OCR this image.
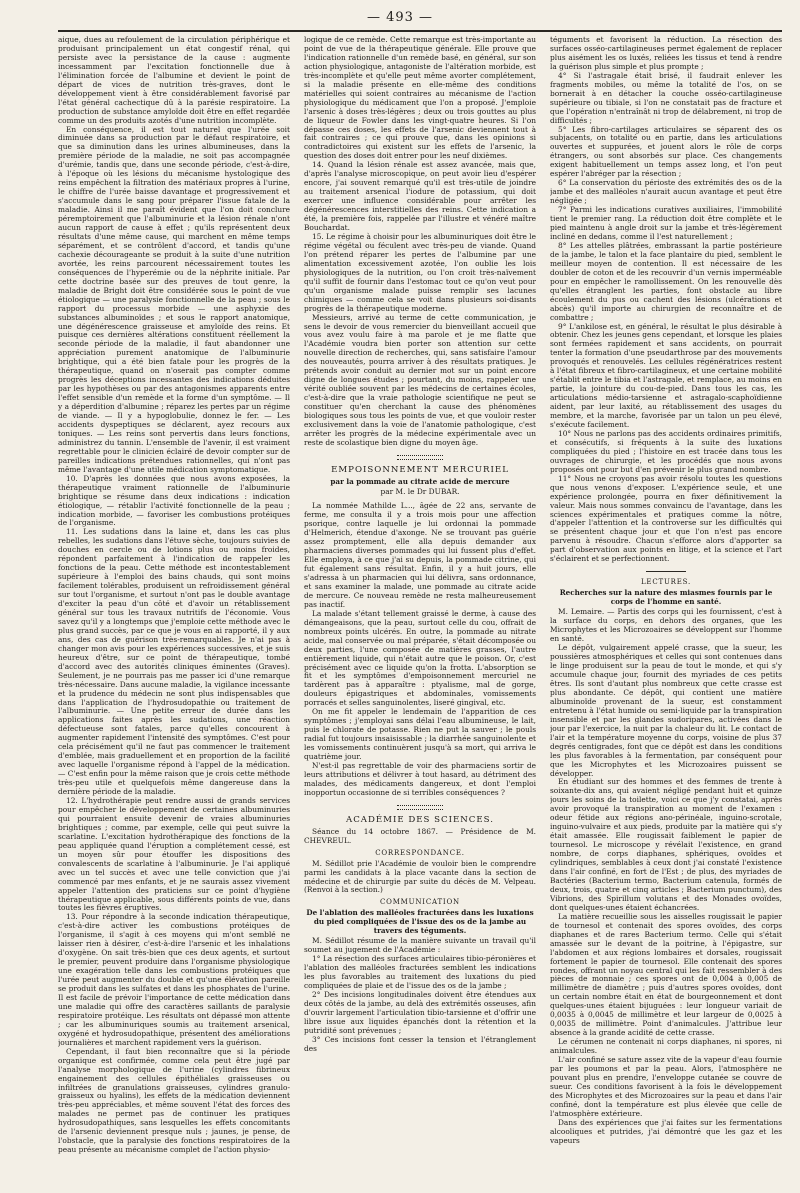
— 493 —

aique, dues au refoulement de la circulation périphérique et produisant principalement un état congestif rénal, qui persiste avec la persistance de la cause : augmente incessamment par l'excitation fonctionnelle due à l'élimination forcée de l'albumine et devient le point de départ de vices de nutrition très-graves, dont le développement vient à être considérablement favorisé par l'état général cachectique dû à la parésie respiratoire. La production de substance amyloïde doit être en effet regardée comme un des produits azotés d'une nutrition incomplète.

En conséquence, il est tout naturel que l'urée soit diminuée dans sa production par le défaut respiratoire, et que sa diminution dans les urines albumineuses, dans la première période de la maladie, ne soit pas accompagnée d'urémie, tandis que, dans une seconde période, c'est-à-dire, à l'époque où les lésions du mécanisme hystologique des reins empêchent la filtration des matériaux propres à l'urine, le chiffre de l'urée baisse davantage et progressivement et s'accumule dans le sang pour préparer l'issue fatale de la maladie. Ainsi il me paraît évident que l'on doit conclure péremptoirement que l'albuminurie et la lésion rénale n'ont aucun rapport de cause à effet ; qu'ils représentent deux résultats d'une même cause, qui marchent en même temps séparément, et se contrôlent d'accord, et tandis qu'une cachexie décourageante se produit à la suite d'une nutrition avortée, les reins parcourent nécessairement toutes les conséquences de l'hyperémie ou de la néphrite initiale. Par cette doctrine basée sur des preuves de tout genre, la maladie de Bright doit être considérée sous le point de vue étiologique — une paralysie fonctionnelle de la peau ; sous le rapport du processus morbide — une asphyxie des substances albuminoïdes ; et sous le rapport anatomique, une dégénérescence graisseuse et amyloïde des reins. Et puisque ces dernières altérations constituent réellement la seconde période de la maladie, il faut abandonner une appréciation purement anatomique de l'albuminurie brightique, qui a été bien fatale pour les progrès de la thérapeutique, quand on n'oserait pas compter comme progrès les déceptions incessantes des indications déduites par les hypothèses ou par des antagonismes apparents entre l'effet sensible d'un remède et la forme d'un symptôme. — Il y a déperdition d'albumine ; réparez les pertes par un régime de viande. — Il y a hypoglobulie, donnez le fer. — Les accidents dyspeptiques se déclarent, ayez recours aux toniques. — Les reins sont pervertis dans leurs fonctions, administrez du tannin. L'ensemble de l'avenir, il est vraiment regrettable pour le clinicien éclairé de devoir compter sur de pareilles indications prétendues rationnelles, qui n'ont pas même l'avantage d'une utile médication symptomatique.

10. D'après les données que nous avons exposées, la thérapeutique vraiment rationnelle de l'albuminurie brightique se résume dans deux indications : indication étiologique, — rétablir l'activité fonctionnelle de la peau ; indication morbide, — favoriser les combustions protéiques de l'organisme.

11. Les sudations dans la laine et, dans les cas plus rebelles, les sudations dans l'étuve sèche, toujours suivies de douches en cercle ou de lotions plus ou moins froides, répondent parfaitement à l'indication de rappeler les fonctions de la peau. Cette méthode est incontestablement supérieure à l'emploi des bains chauds, qui sont moins facilement tolérables, produisent un refroidissement général sur tout l'organisme, et surtout n'ont pas le double avantage d'exciter la peau d'un côté et d'avoir un rétablissement général sur tous les travaux nutritifs de l'économie. Vous savez qu'il y a longtemps que j'emploie cette méthode avec le plus grand succès, par ce que je vous en ai rapporté, il y aux ans, des cas de guérison très-remarquables. Je n'ai pas à changer mon avis pour les expériences successives, et je suis heureux d'être, sur ce point de thérapeutique, tombé d'accord avec des autorités cliniques éminentes (Graves). Seulement, je ne pourrais pas me passer ici d'une remarque très-nécessaire. Dans aucune maladie, la vigilance incessante et la prudence du médecin ne sont plus indispensables que dans l'application de l'hydrosudopathie ou traitement de l'albuminurie. — Une petite erreur de durée dans les applications faites après les sudations, une réaction défectueuse sont fatales, parce qu'elles concourent à augmenter rapidement l'intensité des symptômes. C'est pour cela précisément qu'il ne faut pas commencer le traitement d'emblée, mais graduellement et en proportion de la facilité avec laquelle l'organisme répond à l'appel de la médication. — C'est enfin pour la même raison que je crois cette méthode très-peu utile et quelquefois même dangereuse dans la dernière période de la maladie.

12. L'hydrothérapie peut rendre aussi de grands services pour empêcher le développement de certaines albuminuries qui pourraient ensuite devenir de vraies albuminuries brightiques ; comme, par exemple, celle qui peut suivre la scarlatine. L'excitation hydrothérapique des fonctions de la peau appliquée quand l'éruption a complétement cessé, est un moyen sûr pour étouffer les dispositions des convalescents de scarlatine à l'albuminurie. Je l'ai appliqué avec un tel succès et avec une telle conviction que j'ai commencé par mes enfants, et je ne saurais assez vivement appeler l'attention des praticiens sur ce point d'hygiène thérapeutique applicable, sous différents points de vue, dans toutes les fièvres éruptives.

13. Pour répondre à la seconde indication thérapeutique, c'est-à-dire activer les combustions protéiques de l'organisme, il s'agit à ces moyens qui m'ont semblé ne laisser rien à désirer, c'est-à-dire l'arsenic et les inhalations d'oxygène. On sait très-bien que ces deux agents, et surtout le premier, peuvent produire dans l'organisme physiologique une exagération telle dans les combustions protéiques que l'urée peut augmenter du double et qu'une élévation pareille se produit dans les sulfates et dans les phosphates de l'urine. Il est facile de prévoir l'importance de cette médication dans une maladie qui offre des caractères saillants de paralysie respiratoire protéique. Les résultats ont dépassé mon attente ; car les albuminuriques soumis au traitement arsenical, oxygéné et hydrosudopathique, présentent des améliorations journalières et marchent rapidement vers la guérison.

Cependant, il faut bien reconnaître que si la période organique est confirmée, comme cela peut être jugé par l'analyse morphologique de l'urine (cylindres fibrineux engainement des cellules épithéliales graisseuses ou infiltrées de granulations graisseuses, cylindres granulo-graisseux ou hyalins), les effets de la médication deviennent très-peu appréciables, et même souvent l'état des forces des malades ne permet pas de continuer les pratiques hydrosudopathiques, sans lesquelles les effets concomitants de l'arsenic deviennent presque nuls ; jaunes, je pense, de l'obstacle, que la paralysie des fonctions respiratoires de la peau présente au mécanisme complet de l'action physio-

logique de ce remède. Cette remarque est très-importante au point de vue de la thérapeutique générale. Elle prouve que l'indication rationnelle d'un remède basé, en général, sur son action physiologique, antagoniste de l'altération morbide, est très-incomplète et qu'elle peut même avorter complétement, si la maladie présente en elle-même des conditions matérielles qui soient contraires au mécanisme de l'action physiologique du médicament que l'on a proposé. J'emploie l'arsenic à doses très-légères ; deux ou trois gouttes au plus de liqueur de Fowler dans les vingt-quatre heures. Si l'on dépasse ces doses, les effets de l'arsenic deviennent tout à fait contraires ; ce qui prouve que, dans les opinions si contradictoires qui existent sur les effets de l'arsenic, la question des doses doit entrer pour les neuf dixièmes.

14. Quand la lésion rénale est assez avancée, mais que, d'après l'analyse microscopique, on peut avoir lieu d'espérer encore, j'ai souvent remarqué qu'il est très-utile de joindre au traitement arsenical l'iodure de potassium, qui doit exercer une influence considérable pour arrêter les dégénérescences interstitielles des reins. Cette indication a été, la première fois, rappelée par l'illustre et vénéré maître Bouchardat.

15. Le régime à choisir pour les albuminuriques doit être le régime végétal ou féculent avec très-peu de viande. Quand l'on prétend réparer les pertes de l'albumine par une alimentation excessivement azotée, l'on oublie les lois physiologiques de la nutrition, ou l'on croit très-naïvement qu'il suffit de fournir dans l'estomac tout ce qu'on veut pour qu'un organisme malade puisse remplir ses lacunes chimiques — comme cela se voit dans plusieurs soi-disants progrès de la thérapeutique moderne.

Messieurs, arrivé au terme de cette communication, je sens le devoir de vous remercier du bienveillant accueil que vous avez voulu faire à ma parole et je me flatte que l'Académie voudra bien porter son attention sur cette nouvelle direction de recherches, qui, sans satisfaire l'amour des nouveautés, pourra arriver à des résultats pratiques. Je prétends avoir conduit au dernier mot sur un point encore digne de longues études ; pourtant, du moins, rappeler une vérité oubliée souvent par les médecins de certaines écoles, c'est-à-dire que la vraie pathologie scientifique ne peut se constituer qu'en cherchant la cause des phénomènes biologiques sous tous les points de vue, et que vouloir rester exclusivement dans la voie de l'anatomie pathologique, c'est arrêter les progrès de la médecine expérimentale avec un reste de scolastique bien digne du moyen âge.

EMPOISONNEMENT MERCURIEL
par la pommade au citrate acide de mercure
par M. le Dr DUBAR.

La nommée Mathilde L..., âgée de 22 ans, servante de ferme, me consulta il y a trois mois pour une affection psorique, contre laquelle je lui ordonnai la pommade d'Helmerich, étendue d'axonge. Ne se trouvant pas guérie assez promptement, elle alla depuis demander aux pharmaciens diverses pommades qui lui fussent plus d'effet. Elle employa, à ce que j'ai su depuis, la pommade citrine, qui fut également sans résultat. Enfin, il y a huit jours, elle s'adressa à un pharmacien qui lui délivra, sans ordonnance, et sans examiner la malade, une pommade au citrate acide de mercure. Ce nouveau remède ne resta malheureusement pas inactif.

La malade s'étant tellement graissé le derme, à cause des démangeaisons, que la peau, surtout celle du cou, offrait de nombreux points ulcérés. En outre, la pommade au nitrate acide, mal conservée ou mal préparée, s'était décomposée ou deux parties, l'une composée de matières grasses, l'autre entièrement liquide, qui n'était autre que le poison. Or, c'est précisément avec ce liquide qu'on la frotta. L'absorption se fit et les symptômes d'empoisonnement mercuriel ne tardèrent pas à apparaître : ptyalisme, mal de gorge, douleurs épigastriques et abdominales, vomissements porracés et selles sanguinolentes, liseré gingival, etc.

On me fit appeler le lendemain de l'apparition de ces symptômes ; j'employai sans délai l'eau albumineuse, le lait, puis le chlorate de potasse. Rien ne put la sauver ; le pouls radial fut toujours insaisissable ; la diarrhée sanguinolente et les vomissements continuèrent jusqu'à sa mort, qui arriva le quatrième jour.

N'est-il pas regrettable de voir des pharmaciens sortir de leurs attributions et délivrer à tout hasard, au détriment des malades, des médicaments dangereux, et dont l'emploi inopportun occasionne de si terribles conséquences ?

ACADÉMIE DES SCIENCES.

Séance du 14 octobre 1867. — Présidence de M. CHEVREUL.

CORRESPONDANCE.

M. Sédillot prie l'Académie de vouloir bien le comprendre parmi les candidats à la place vacante dans la section de médecine et de chirurgie par suite du décès de M. Velpeau. (Renvoi à la section.)

COMMUNICATION
De l'ablation des malléoles fracturées dans les luxations du pied compliquées de l'issue des os de la jambe au travers des téguments.

M. Sédillot résume de la manière suivante un travail qu'il soumet au jugement de l'Académie :

1° La résection des surfaces articulaires tibio-péronières et l'ablation des malléoles fracturées semblent les indications les plus favorables au traitement des luxations du pied compliquées de plaie et de l'issue des os de la jambe ;

2° Des incisions longitudinales doivent être étendues aux deux côtés de la jambe, au delà des extrémités osseuses, afin d'ouvrir largement l'articulation tibio-tarsienne et d'offrir une libre issue aux liquides épanchés dont la rétention et la putridité sont prévenues ;

3° Ces incisions font cesser la tension et l'étranglement des

téguments et favorisent la réduction. La résection des surfaces osséo-cartilagineuses permet également de replacer plus aisément les os luxés, reliées les tissus et tend à rendre la guérison plus simple et plus prompte ;

4° Si l'astragale était brisé, il faudrait enlever les fragments mobiles, ou même la totalité de l'os, on se bornerait à en détacher la couche osséo-cartilagineuse supérieure ou tibiale, si l'on ne constatait pas de fracture et que l'opération n'entraînât ni trop de délabrement, ni trop de difficultés ;

5° Les fibro-cartilages articulaires se séparent des os subjacents, on totalité ou en partie, dans les articulations ouvertes et suppurées, et jouent alors le rôle de corps étrangers, ou sont absorbés sur place. Ces changements exigent habituellement un temps assez long, et l'on peut espérer l'abréger par la résection ;

6° La conservation du périoste des extrémités des os de la jambe et des malléoles n'aurait aucun avantage et peut être négligée ;

7° Parmi les indications curatives auxiliaires, l'immobilité tient le premier rang. La réduction doit être complète et le pied maintenu à angle droit sur la jambe et très-légèrement incliné en dedans, comme il l'est naturellement ;

8° Les attelles plâtrées, embrassant la partie postérieure de la jambe, le talon et la face plantaire du pied, semblent le meilleur moyen de contention. Il est nécessaire de les doubler de coton et de les recouvrir d'un vernis imperméable pour en empêcher le ramollissement. On les renouvelle dès qu'elles étranglent les parties, font obstacle au libre écoulement du pus ou cachent des lésions (ulcérations et abcès) qu'il importe au chirurgien de reconnaître et de combattre ;

9° L'ankilose est, en général, le résultat le plus désirable à obtenir. Chez les jeunes gens cependant, et lorsque les plaies sont fermées rapidement et sans accidents, on pourrait tenter la formation d'une pseudarthrose par des mouvements provoqués et renouvelés. Les cellules régénératrices restent à l'état fibreux et fibro-cartilagineux, et une certaine mobilité s'établit entre le tibia et l'astragale, et remplace, au moins en partie, la jointure du cou-de-pied. Dans tous les cas, les articulations médio-tarsienne et astragalo-scaphoïdienne aident, par leur laxité, au rétablissement des usages du membre, et la marche, favorisée par un talon un peu élevé, s'exécute facilement.

10° Nous ne parlons pas des accidents ordinaires primitifs, et consécutifs, si fréquents à la suite des luxations compliquées du pied ; l'histoire en est tracée dans tous les ouvrages de chirurgie, et les procédés que nous avons proposés ont pour but d'en prévenir le plus grand nombre.

11° Nous ne croyons pas avoir résolu toutes les questions que nous venons d'exposer. L'expérience seule, et une expérience prolongée, pourra en fixer définitivement la valeur. Mais nous sommes convaincu de l'avantage, dans les sciences expérimentales et pratiques comme la nôtre, d'appeler l'attention et la controverse sur les difficultés qui se présentent chaque jour et que l'on n'est pas encore parvenu à résoudre. Chacun s'efforce alors d'apporter sa part d'observation aux points en litige, et la science et l'art s'éclairent et se perfectionnent.

LECTURES.
Recherches sur la nature des miasmes fournis par le corps de l'homme en santé.

M. Lemaire. — Partis des corps qui les fournissent, c'est à la surface du corps, en dehors des organes, que les Microphytes et les Microzoaires se développent sur l'homme en santé.

Le dépôt, vulgairement appelé crasse, que la sueur, les poussières atmosphériques et celles qui sont contenues dans le linge produisent sur la peau de tout le monde, et qui s'y accumule chaque jour, fournit des myriades de ces petits êtres. Ils sont d'autant plus nombreux que cette crasse est plus abondante. Ce dépôt, qui contient une matière albuminoïde provenant de la sueur, est constamment entretenu à l'état humide ou semi-liquide par la transpiration insensible et par les glandes sudoripares, activées dans le jour par l'exercice, la nuit par la chaleur du lit. Le contact de l'air et la température moyenne du corps, voisine de plus 37 degrés centigrades, font que ce dépôt est dans les conditions les plus favorables à la fermentation, par conséquent pour que les Microphytes et les Microzoaires puissent se développer.

En étudiant sur des hommes et des femmes de trente à soixante-dix ans, qui avaient négligé pendant huit et quinze jours les soins de la toilette, voici ce que j'y constatai, après avoir provoqué la transpiration au moment de l'examen : odeur fétide aux régions ano-périnéale, inguino-scrotale, inguino-vulvaire et aux pieds, produite par la matière qui s'y était amassée. Elle rougissait faiblement le papier de tournesol. Le microscope y révélait l'existence, en grand nombre, de corps diaphanes, sphériques, ovoïdes et cylindriques, semblables à ceux dont j'ai constaté l'existence dans l'air confiné, en fort de l'Est ; de plus, des myriades de Bactéries (Bacterium termo, Bacterium catenula, formés de deux, trois, quatre et cinq articles ; Bacterium punctum), des Vibrions, des Spirillum volutans et des Monades ovoïdes, dont quelques-unes étaient échancrées.

La matière recueillie sous les aisselles rougissait le papier de tournesol et contenait des spores ovoïdes, des corps diaphanes et de rares Bacterium termo. Celle qui s'était amassée sur le devant de la poitrine, à l'épigastre, sur l'abdomen et aux régions lombaires et dorsales, rougissait fortement le papier de tournesol. Elle contenait des spores rondes, offrant un noyau central qui les fait ressembler à des pièces de monnaie ; ces spores ont de 0,004 à 0,005 de millimètre de diamètre ; puis d'autres spores ovoïdes, dont un certain nombre était en état de bourgeonnement et dont quelques-unes étaient bijuguées : leur longueur variait de 0,0035 à 0,0045 de millimètre et leur largeur de 0,0025 à 0,0035 de millimètre. Point d'animalcules. J'attribue leur absence à la grande acidité de cette crasse.

Le cérumen ne contenait ni corps diaphanes, ni spores, ni animalcules.

L'air confiné se sature assez vite de la vapeur d'eau fournie par les poumons et par la peau. Alors, l'atmosphère ne pouvant plus en prendre, l'enveloppe cutanée se couvre de sueur. Ces conditions favorisent à la fois le développement des Microphytes et des Microzoaires sur la peau et dans l'air confiné, dont la température est plus élevée que celle de l'atmosphère extérieure.

Dans des expériences que j'ai faites sur les fermentations alcooliques et putrides, j'ai démontré que les gaz et les vapeurs
